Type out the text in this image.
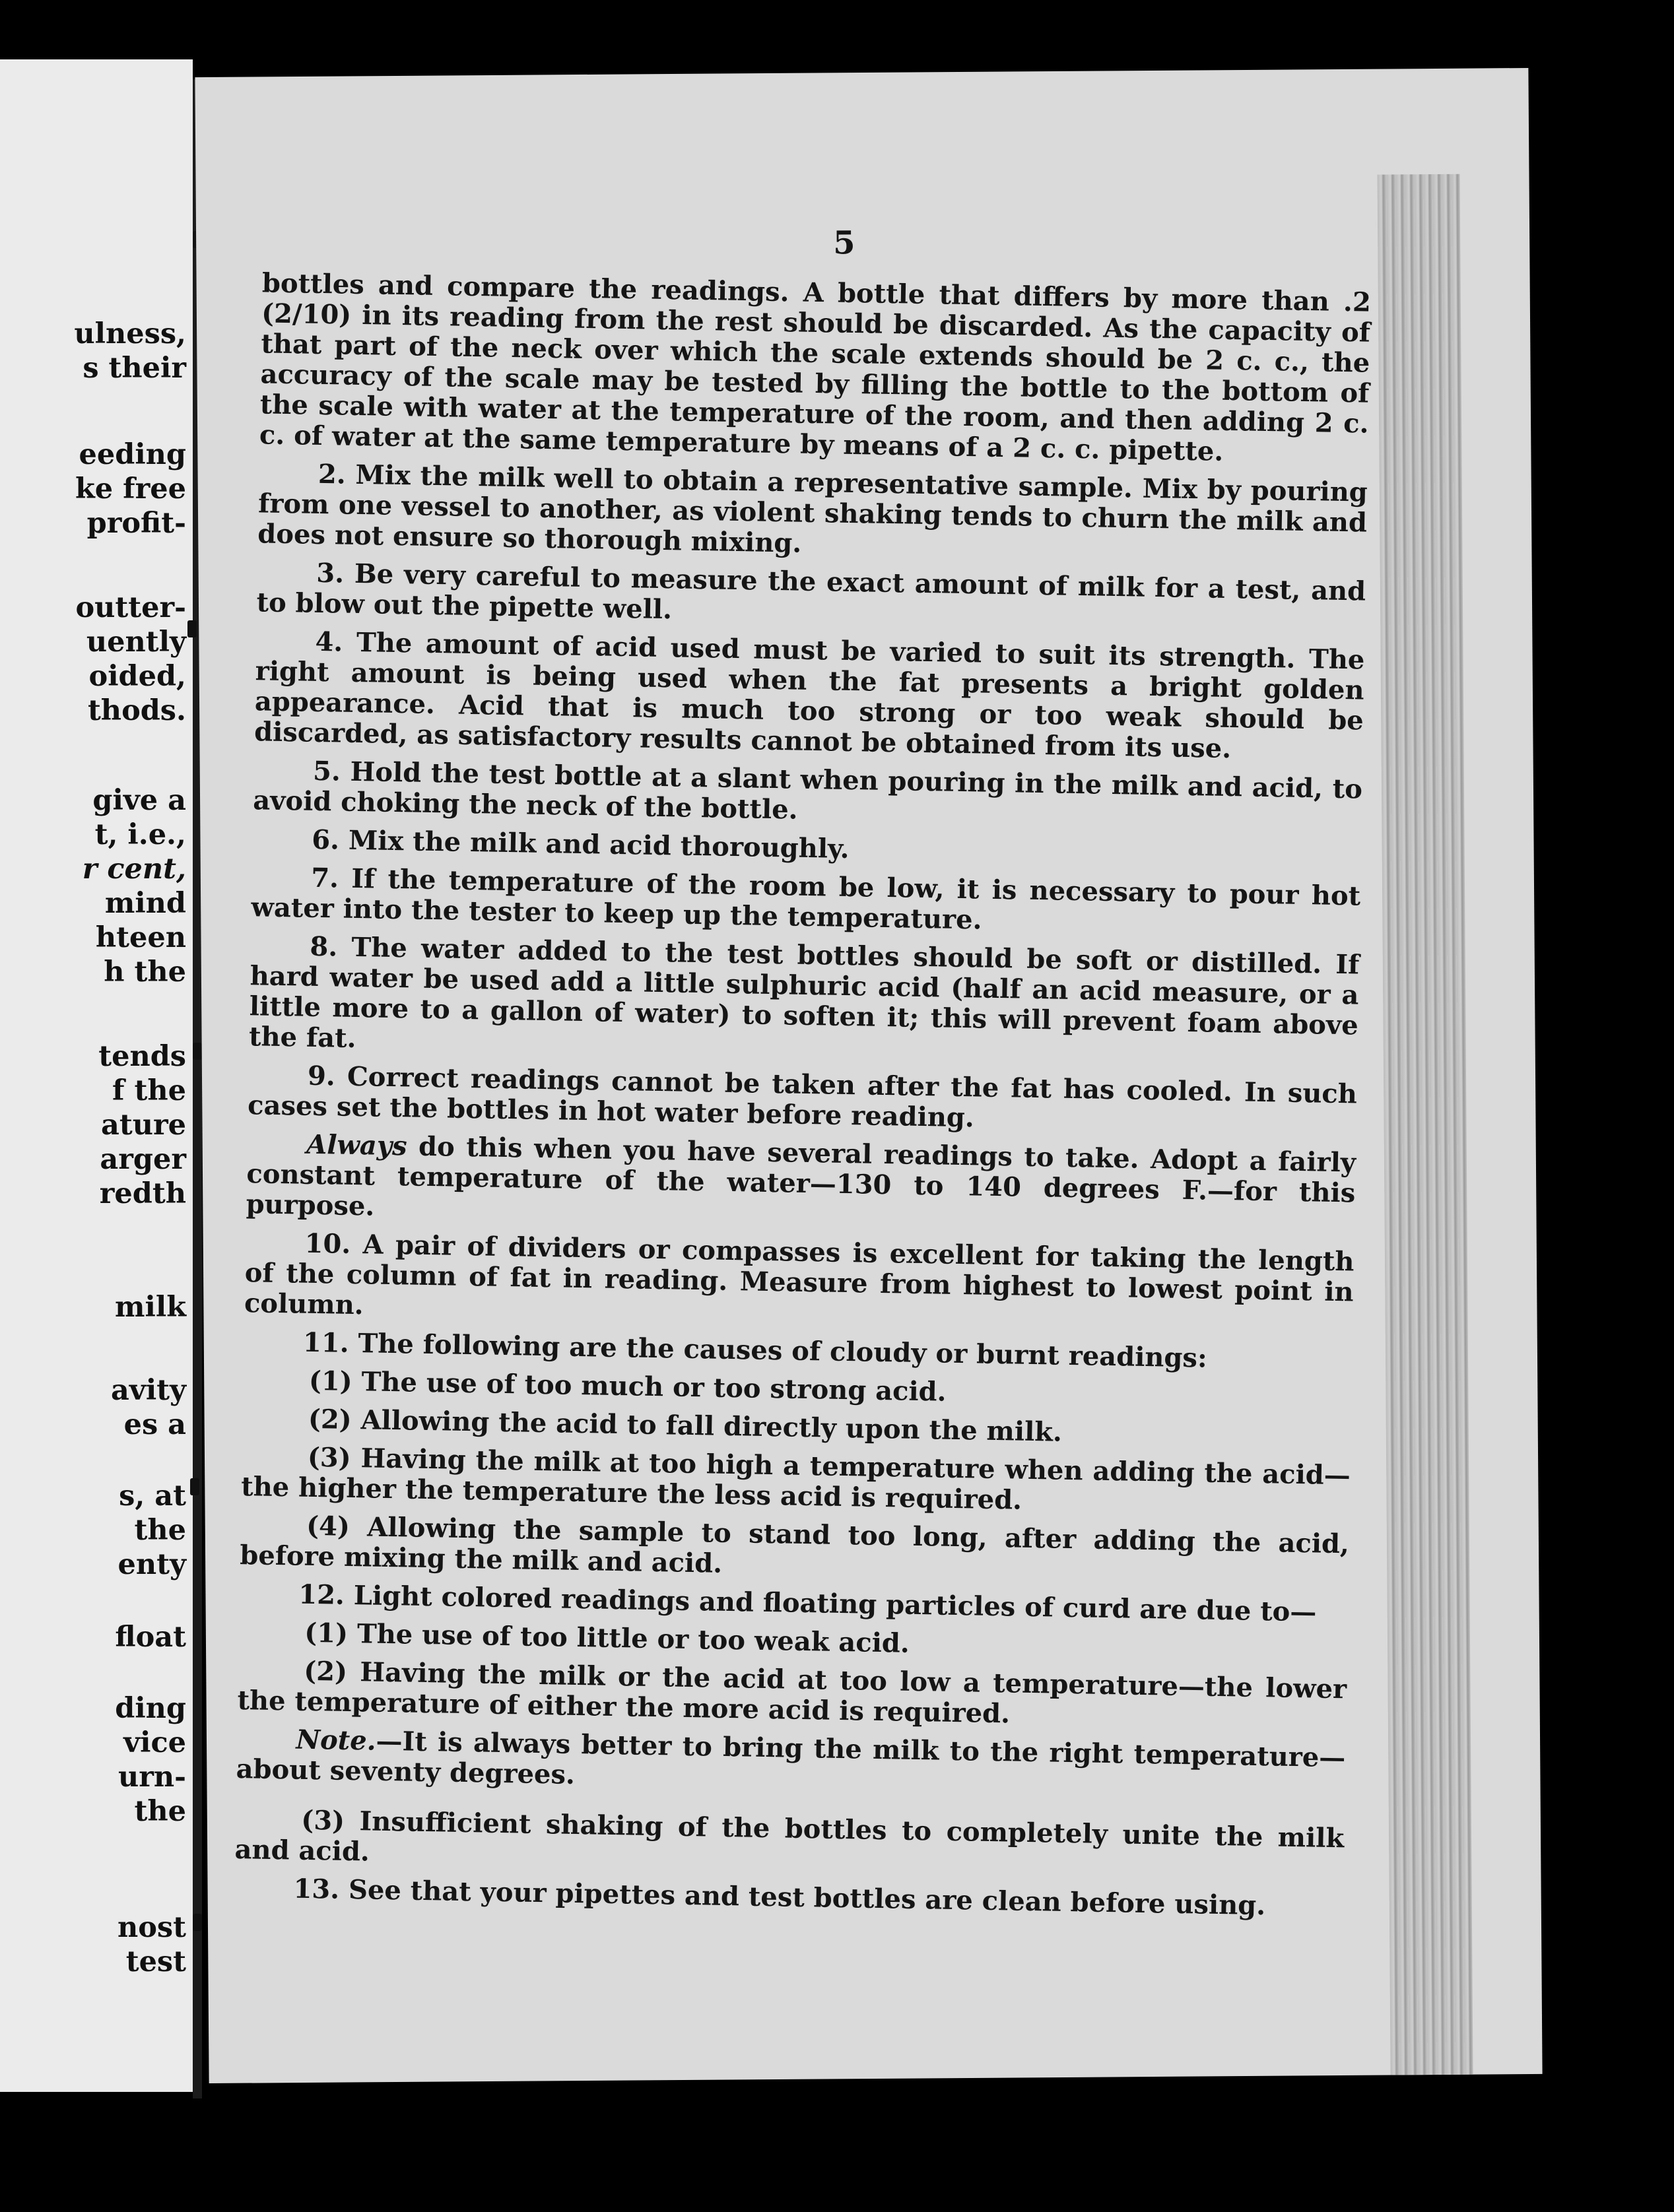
ulness,
s their
eeding
ke free
profit-
outter-
uently
oided,
thods.
give a
t, i.e.,
r cent,
mind
hteen
h the
tends
f the
ature
arger
redth
milk
avity
es a
s, at
the
enty
float
ding
vice
urn-
the
nost
test
5

bottles and compare the readings. A bottle that differs by more than .2 (2/10) in its reading from the rest should be discarded. As the capacity of that part of the neck over which the scale extends should be 2 c. c., the accuracy of the scale may be tested by filling the bottle to the bottom of the scale with water at the temperature of the room, and then adding 2 c. c. of water at the same temperature by means of a 2 c. c. pipette.

2. Mix the milk well to obtain a representative sample. Mix by pouring from one vessel to another, as violent shaking tends to churn the milk and does not ensure so thorough mixing.

3. Be very careful to measure the exact amount of milk for a test, and to blow out the pipette well.

4. The amount of acid used must be varied to suit its strength. The right amount is being used when the fat presents a bright golden appearance. Acid that is much too strong or too weak should be discarded, as satisfactory results cannot be obtained from its use.

5. Hold the test bottle at a slant when pouring in the milk and acid, to avoid choking the neck of the bottle.

6. Mix the milk and acid thoroughly.

7. If the temperature of the room be low, it is necessary to pour hot water into the tester to keep up the temperature.

8. The water added to the test bottles should be soft or distilled. If hard water be used add a little sulphuric acid (half an acid measure, or a little more to a gallon of water) to soften it; this will prevent foam above the fat.

9. Correct readings cannot be taken after the fat has cooled. In such cases set the bottles in hot water before reading.

Always do this when you have several readings to take. Adopt a fairly constant temperature of the water—130 to 140 degrees F.—for this purpose.

10. A pair of dividers or compasses is excellent for taking the length of the column of fat in reading. Measure from highest to lowest point in column.

11. The following are the causes of cloudy or burnt readings:

(1) The use of too much or too strong acid.

(2) Allowing the acid to fall directly upon the milk.

(3) Having the milk at too high a temperature when adding the acid—the higher the temperature the less acid is required.

(4) Allowing the sample to stand too long, after adding the acid, before mixing the milk and acid.

12. Light colored readings and floating particles of curd are due to—

(1) The use of too little or too weak acid.

(2) Having the milk or the acid at too low a temperature—the lower the temperature of either the more acid is required.

Note.—It is always better to bring the milk to the right temperature—about seventy degrees.

(3) Insufficient shaking of the bottles to completely unite the milk and acid.

13. See that your pipettes and test bottles are clean before using.
